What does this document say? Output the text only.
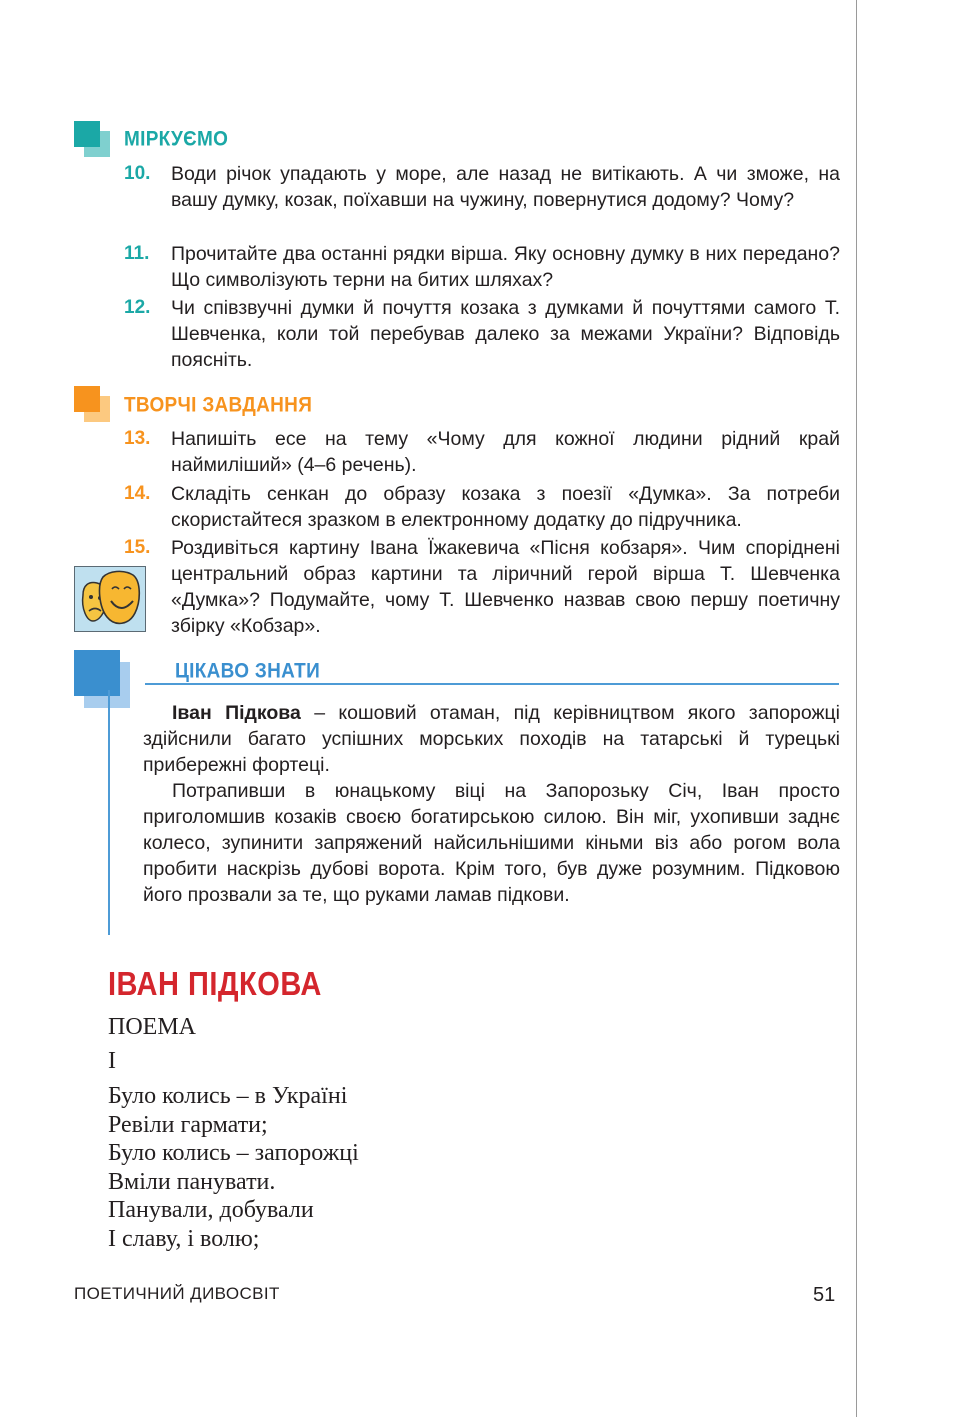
МІРКУЄМО
10.	Води річок упадають у море, але назад не витікають. А чи зможе, на вашу думку, козак, поїхавши на чужину, повернутися додому? Чому?
11.	Прочитайте два останні рядки вірша. Яку основну думку в них передано? Що символізують терни на битих шляхах?
12.	Чи співзвучні думки й почуття козака з думками й почуттями самого Т. Шевченка, коли той перебував далеко за межами України? Відповідь поясніть.
ТВОРЧІ ЗАВДАННЯ
13.	Напишіть есе на тему «Чому для кожної людини рідний край наймиліший» (4–6 речень).
14.	Складіть сенкан до образу козака з поезії «Думка». За потреби скористайтеся зразком в електронному додатку до підручника.
15.	Роздивіться картину Івана Їжакевича «Пісня кобзаря». Чим споріднені центральний образ картини та ліричний герой вірша Т. Шевченка «Думка»? Подумайте, чому Т. Шевченко назвав свою першу поетичну збірку «Кобзар».
ЦІКАВО ЗНАТИ

Іван Підкова – кошовий отаман, під керівництвом якого запорожці здійснили багато успішних морських походів на татарські й турецькі прибережні фортеці.

Потрапивши в юнацькому віці на Запорозьку Січ, Іван просто приголомшив козаків своєю богатирською силою. Він міг, ухопивши заднє колесо, зупинити запряжений найсильнішими кіньми віз або рогом вола пробити наскрізь дубові ворота. Крім того, був дуже розумним. Підковою його прозвали за те, що руками ламав підкови.

ІВАН ПІДКОВА
ПОЕМА
I
Було колись – в Україні
Ревіли гармати;
Було колись – запорожці
Вміли панувати.
Панували, добували
І славу, і волю;
ПОЕТИЧНИЙ ДИВОСВІТ	51
